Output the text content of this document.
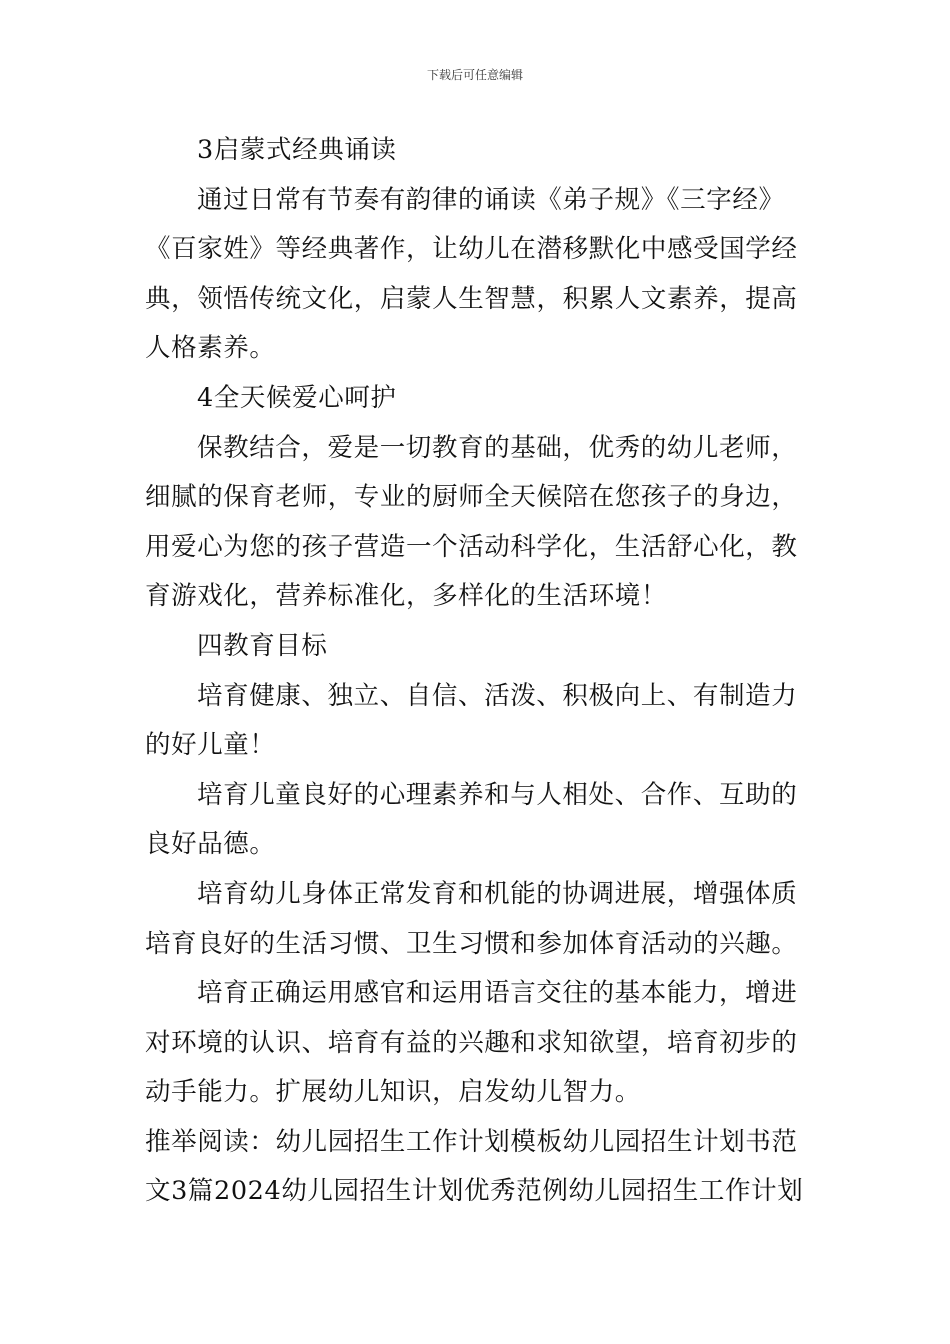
下载后可任意编辑
3启蒙式经典诵读
通过日常有节奏有韵律的诵读《弟子规》《三字经》
《百家姓》等经典著作，让幼儿在潜移默化中感受国学经
典，领悟传统文化，启蒙人生智慧，积累人文素养，提高
人格素养。
4全天候爱心呵护
保教结合，爱是一切教育的基础，优秀的幼儿老师，
细腻的保育老师，专业的厨师全天候陪在您孩子的身边，
用爱心为您的孩子营造一个活动科学化，生活舒心化，教
育游戏化，营养标准化，多样化的生活环境！
四教育目标
培育健康、独立、自信、活泼、积极向上、有制造力
的好儿童！
培育儿童良好的心理素养和与人相处、合作、互助的
良好品德。
培育幼儿身体正常发育和机能的协调进展，增强体质
培育良好的生活习惯、卫生习惯和参加体育活动的兴趣。
培育正确运用感官和运用语言交往的基本能力，增进
对环境的认识、培育有益的兴趣和求知欲望，培育初步的
动手能力。扩展幼儿知识，启发幼儿智力。
推举阅读：幼儿园招生工作计划模板幼儿园招生计划书范
文3篇2024幼儿园招生计划优秀范例幼儿园招生工作计划
